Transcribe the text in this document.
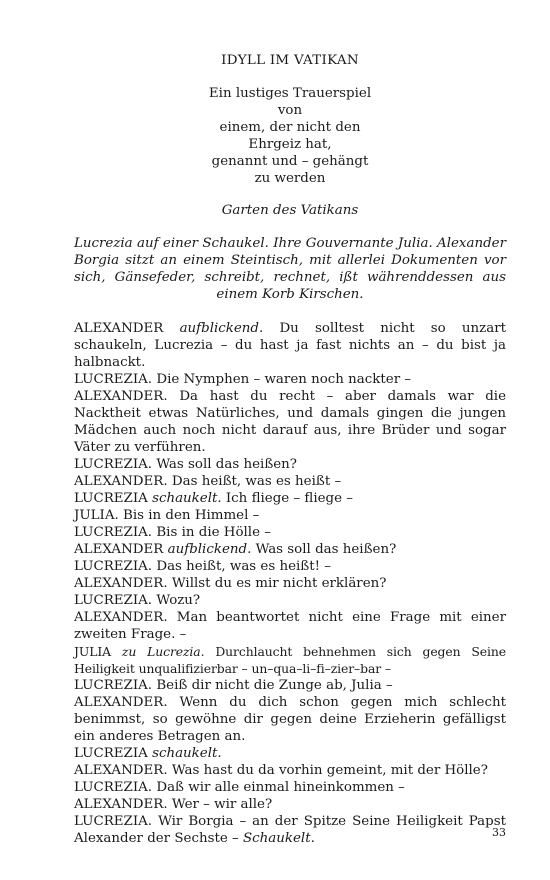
IDYLL IM VATIKAN
Ein lustiges Trauerspiel
von
einem, der nicht den
Ehrgeiz hat,
genannt und – gehängt
zu werden
Garten des Vatikans
Lucrezia auf einer Schaukel. Ihre Gouvernante Julia. Alexander Borgia sitzt an einem Steintisch, mit allerlei Dokumenten vor sich, Gänsefeder, schreibt, rechnet, ißt währenddessen aus einem Korb Kirschen.
ALEXANDER aufblickend. Du solltest nicht so unzart schaukeln, Lucrezia – du hast ja fast nichts an – du bist ja halbnackt.
LUCREZIA. Die Nymphen – waren noch nackter –
ALEXANDER. Da hast du recht – aber damals war die Nacktheit etwas Natürliches, und damals gingen die jungen Mädchen auch noch nicht darauf aus, ihre Brüder und sogar Väter zu verführen.
LUCREZIA. Was soll das heißen?
ALEXANDER. Das heißt, was es heißt –
LUCREZIA schaukelt. Ich fliege – fliege –
JULIA. Bis in den Himmel –
LUCREZIA. Bis in die Hölle –
ALEXANDER aufblickend. Was soll das heißen?
LUCREZIA. Das heißt, was es heißt! –
ALEXANDER. Willst du es mir nicht erklären?
LUCREZIA. Wozu?
ALEXANDER. Man beantwortet nicht eine Frage mit einer zweiten Frage. –
JULIA zu Lucrezia. Durchlaucht behnehmen sich gegen Seine Heiligkeit unqualifizierbar – un–qua–li–fi–zier–bar –
LUCREZIA. Beiß dir nicht die Zunge ab, Julia –
ALEXANDER. Wenn du dich schon gegen mich schlecht benimmst, so gewöhne dir gegen deine Erzieherin gefälligst ein anderes Betragen an.
LUCREZIA schaukelt.
ALEXANDER. Was hast du da vorhin gemeint, mit der Hölle?
LUCREZIA. Daß wir alle einmal hineinkommen –
ALEXANDER. Wer – wir alle?
LUCREZIA. Wir Borgia – an der Spitze Seine Heiligkeit Papst Alexander der Sechste – Schaukelt.	33
